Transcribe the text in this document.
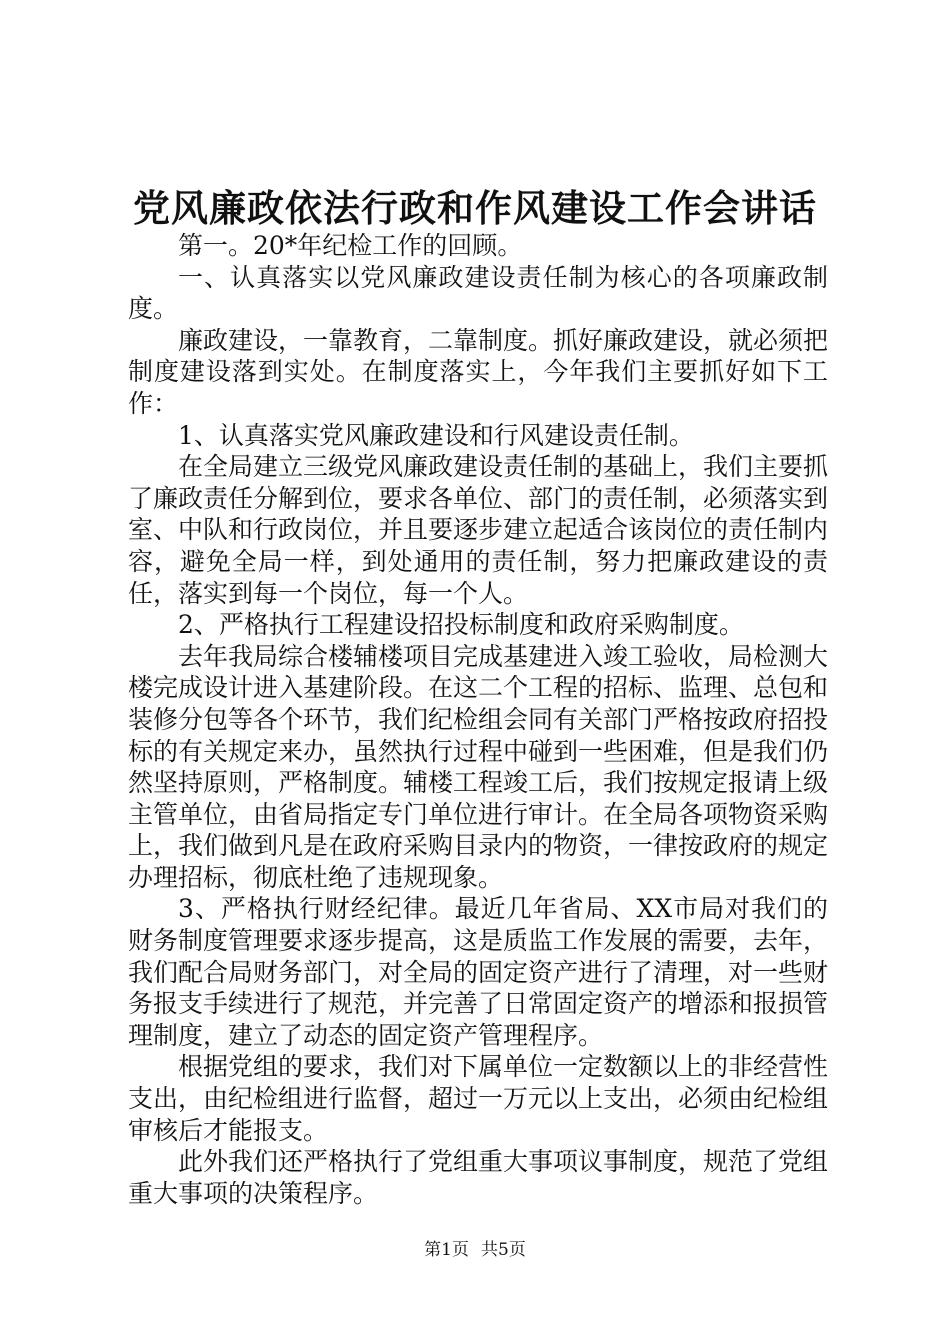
党风廉政依法行政和作风建设工作会讲话

第一。20*年纪检工作的回顾。

一、认真落实以党风廉政建设责任制为核心的各项廉政制度。

廉政建设，一靠教育，二靠制度。抓好廉政建设，就必须把制度建设落到实处。在制度落实上，今年我们主要抓好如下工作：

1、认真落实党风廉政建设和行风建设责任制。

在全局建立三级党风廉政建设责任制的基础上，我们主要抓了廉政责任分解到位，要求各单位、部门的责任制，必须落实到室、中队和行政岗位，并且要逐步建立起适合该岗位的责任制内容，避免全局一样，到处通用的责任制，努力把廉政建设的责任，落实到每一个岗位，每一个人。

2、严格执行工程建设招投标制度和政府采购制度。

去年我局综合楼辅楼项目完成基建进入竣工验收，局检测大楼完成设计进入基建阶段。在这二个工程的招标、监理、总包和装修分包等各个环节，我们纪检组会同有关部门严格按政府招投标的有关规定来办，虽然执行过程中碰到一些困难，但是我们仍然坚持原则，严格制度。辅楼工程竣工后，我们按规定报请上级主管单位，由省局指定专门单位进行审计。在全局各项物资采购上，我们做到凡是在政府采购目录内的物资，一律按政府的规定办理招标，彻底杜绝了违规现象。

3、严格执行财经纪律。最近几年省局、XX市局对我们的财务制度管理要求逐步提高，这是质监工作发展的需要，去年，我们配合局财务部门，对全局的固定资产进行了清理，对一些财务报支手续进行了规范，并完善了日常固定资产的增添和报损管理制度，建立了动态的固定资产管理程序。

根据党组的要求，我们对下属单位一定数额以上的非经营性支出，由纪检组进行监督，超过一万元以上支出，必须由纪检组审核后才能报支。

此外我们还严格执行了党组重大事项议事制度，规范了党组重大事项的决策程序。

第1页 共5页
